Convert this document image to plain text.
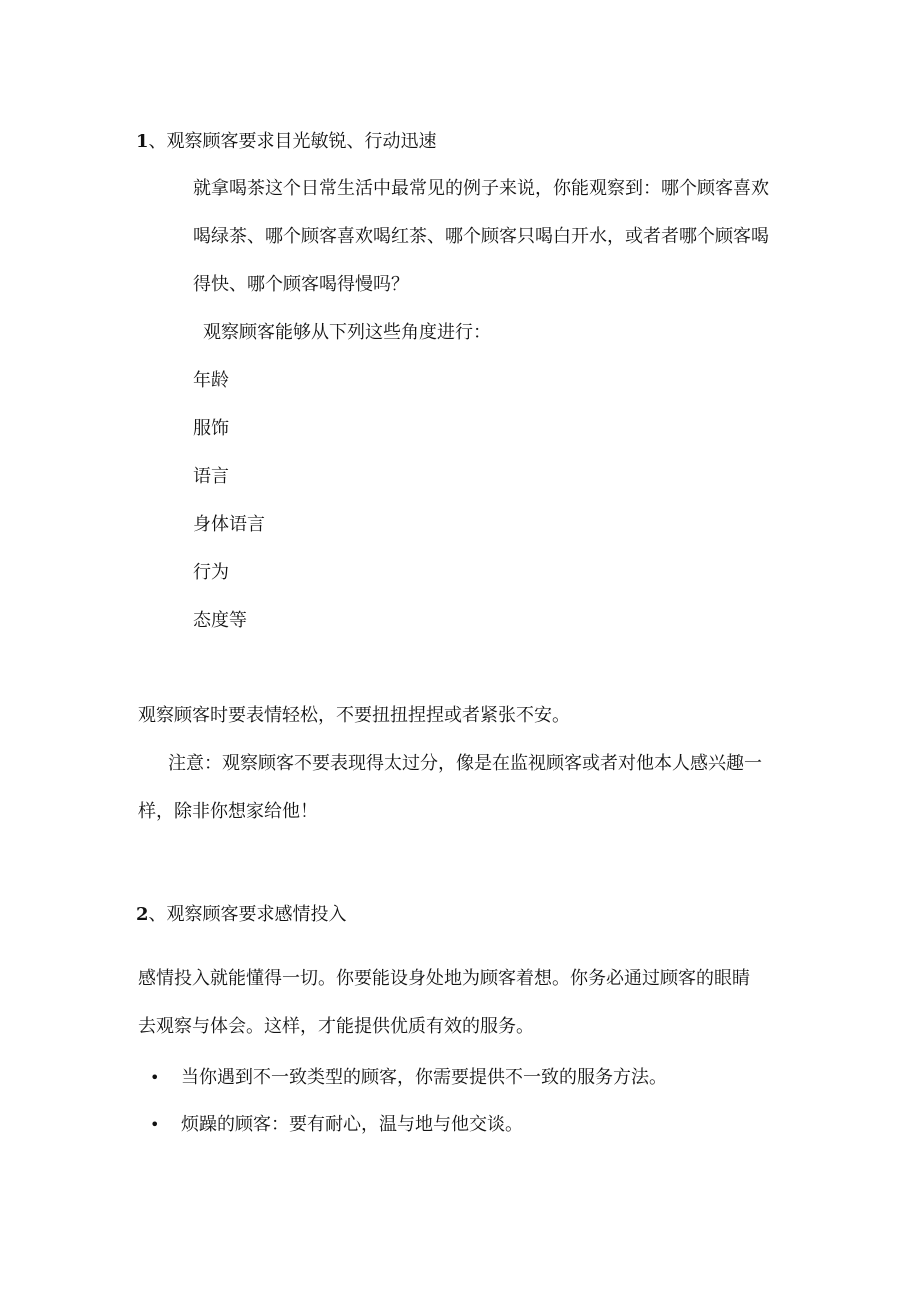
1、观察顾客要求目光敏锐、行动迅速
就拿喝茶这个日常生活中最常见的例子来说，你能观察到：哪个顾客喜欢
喝绿茶、哪个顾客喜欢喝红茶、哪个顾客只喝白开水，或者者哪个顾客喝
得快、哪个顾客喝得慢吗？
观察顾客能够从下列这些角度进行：
年龄
服饰
语言
身体语言
行为
态度等
观察顾客时要表情轻松，不要扭扭捏捏或者紧张不安。
注意：观察顾客不要表现得太过分，像是在监视顾客或者对他本人感兴趣一
样，除非你想家给他！
2、观察顾客要求感情投入
感情投入就能懂得一切。你要能设身处地为顾客着想。你务必通过顾客的眼睛
去观察与体会。这样，才能提供优质有效的服务。
• 当你遇到不一致类型的顾客，你需要提供不一致的服务方法。
• 烦躁的顾客：要有耐心，温与地与他交谈。
